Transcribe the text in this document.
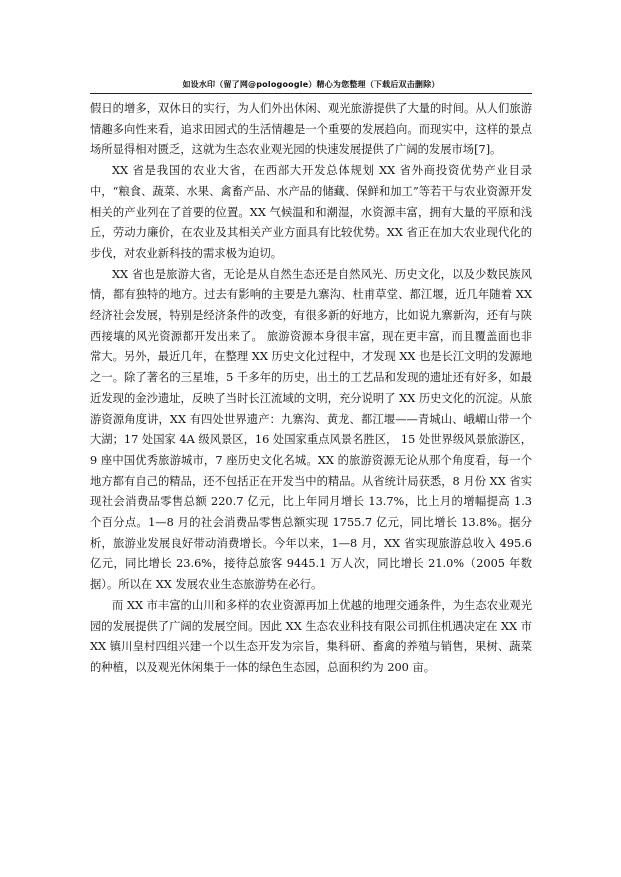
如设水印（留了网@pologoogle）精心为您整理（下载后双击删除）

假日的增多，双休日的实行，为人们外出休闲、观光旅游提供了大量的时间。从人们旅游情趣多向性来看，追求田园式的生活情趣是一个重要的发展趋向。而现实中，这样的景点场所显得相对匮乏，这就为生态农业观光园的快速发展提供了广阔的发展市场[7]。

XX 省是我国的农业大省，在西部大开发总体规划 XX 省外商投资优势产业目录中，“粮食、蔬菜、水果、禽畜产品、水产品的储藏、保鲜和加工”等若干与农业资源开发相关的产业列在了首要的位置。XX 气候温和和潮湿，水资源丰富，拥有大量的平原和浅丘，劳动力廉价，在农业及其相关产业方面具有比较优势。XX 省正在加大农业现代化的步伐，对农业新科技的需求极为迫切。

XX 省也是旅游大省，无论是从自然生态还是自然风光、历史文化，以及少数民族风情，都有独特的地方。过去有影响的主要是九寨沟、杜甫草堂、都江堰，近几年随着 XX 经济社会发展，特别是经济条件的改变，有很多新的好地方，比如说九寨新沟，还有与陕西接壤的风光资源都开发出来了。 旅游资源本身很丰富，现在更丰富，而且覆盖面也非常大。另外，最近几年，在整理 XX 历史文化过程中，才发现 XX 也是长江文明的发源地之一。除了著名的三星堆，5 千多年的历史，出土的工艺品和发现的遗址还有好多，如最近发现的金沙遗址，反映了当时长江流域的文明，充分说明了 XX 历史文化的沉淀。从旅游资源角度讲，XX 有四处世界遗产：九寨沟、黄龙、都江堰——青城山、峨嵋山带一个大湖；17 处国家 4A 级风景区，16 处国家重点风景名胜区， 15 处世界级风景旅游区，9 座中国优秀旅游城市，7 座历史文化名城。XX 的旅游资源无论从那个角度看，每一个地方都有自己的精品，还不包括正在开发当中的精品。从省统计局获悉，8 月份 XX 省实现社会消费品零售总额 220.7 亿元，比上年同月增长 13.7%，比上月的增幅提高 1.3 个百分点。1—8 月的社会消费品零售总额实现 1755.7 亿元，同比增长 13.8%。据分析，旅游业发展良好带动消费增长。今年以来，1—8 月，XX 省实现旅游总收入 495.6 亿元，同比增长 23.6%，接待总旅客 9445.1 万人次，同比增长 21.0%（2005 年数据）。所以在 XX 发展农业生态旅游势在必行。

而 XX 市丰富的山川和多样的农业资源再加上优越的地理交通条件，为生态农业观光园的发展提供了广阔的发展空间。因此 XX 生态农业科技有限公司抓住机遇决定在 XX 市 XX 镇川皇村四组兴建一个以生态开发为宗旨，集科研、畜禽的养殖与销售，果树、蔬菜的种植，以及观光休闲集于一体的绿色生态园，总面积约为 200 亩。
